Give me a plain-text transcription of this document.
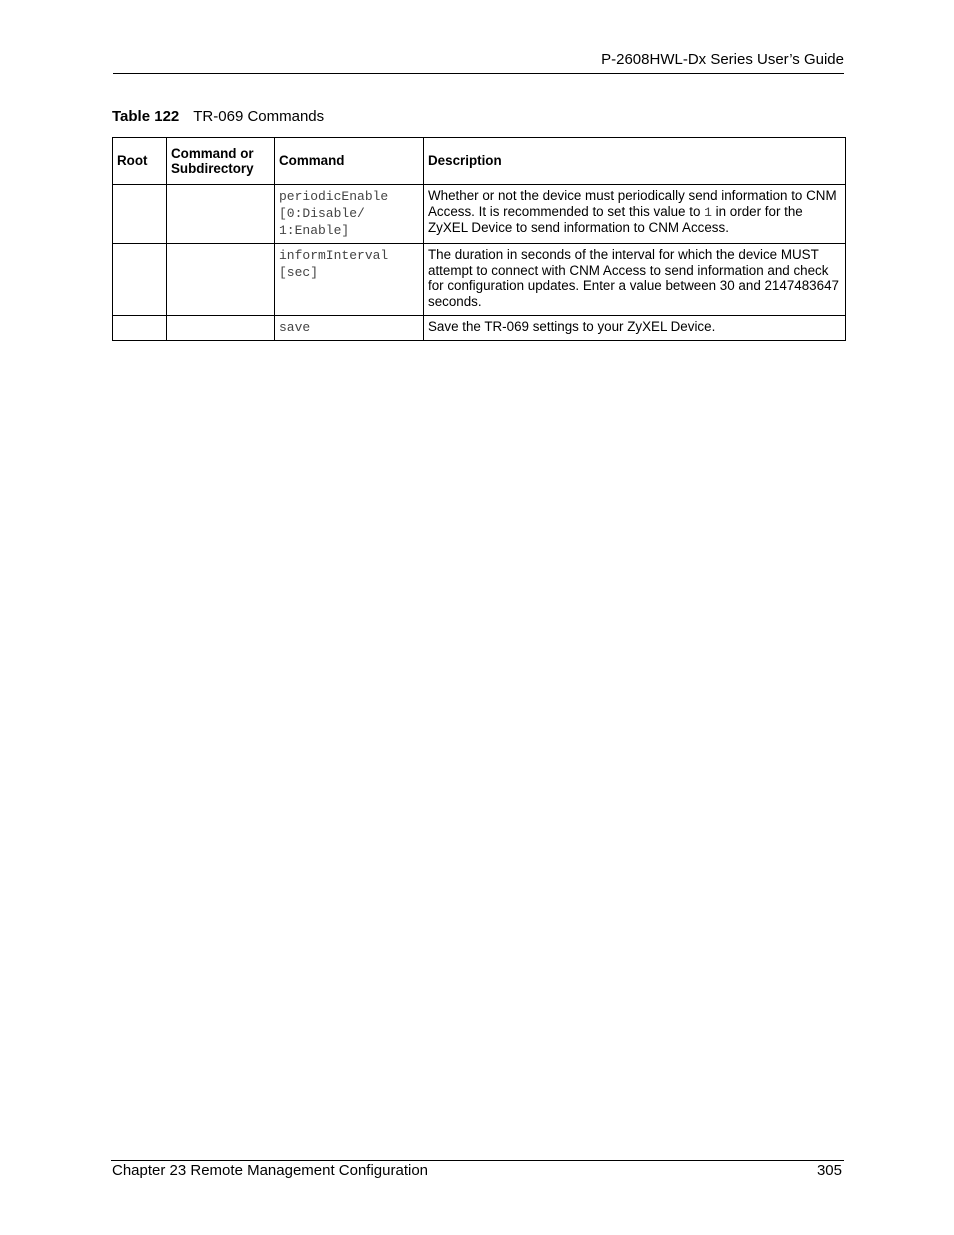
P-2608HWL-Dx Series User’s Guide
Table 122 TR-069 Commands
Root	Command or Subdirectory	Command	Description

		periodicEnable
[0:Disable/
1:Enable]	Whether or not the device must periodically send information to CNM Access. It is recommended to set this value to 1 in order for the ZyXEL Device to send information to CNM Access.

		informInterval
[sec]	The duration in seconds of the interval for which the device MUST attempt to connect with CNM Access to send information and check for configuration updates. Enter a value between 30 and 2147483647 seconds.

		save	Save the TR-069 settings to your ZyXEL Device.
Chapter 23 Remote Management Configuration	305
